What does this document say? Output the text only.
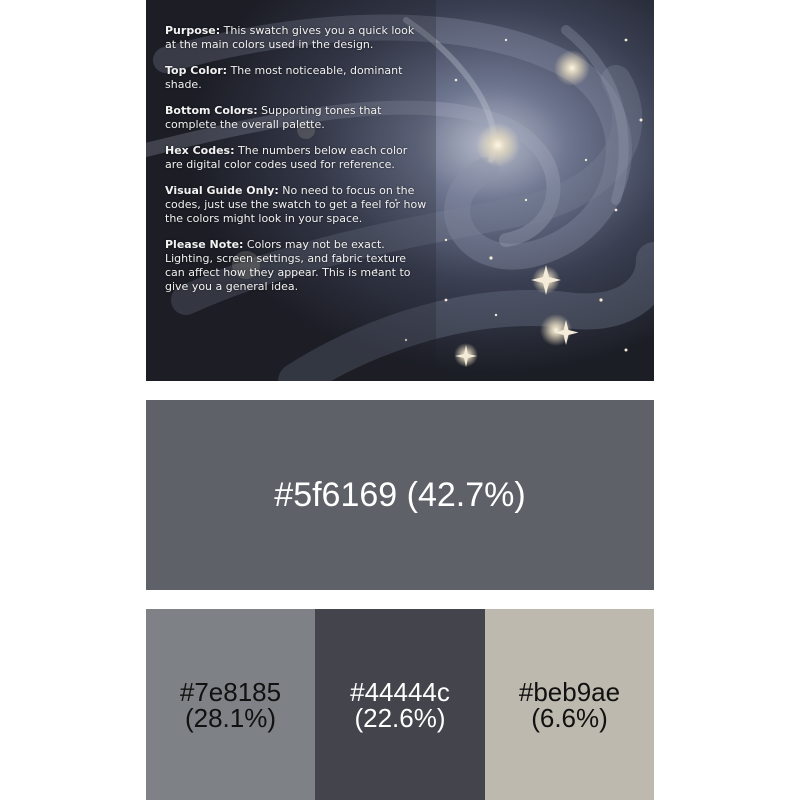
Purpose: This swatch gives you a quick look at the main colors used in the design.

Top Color: The most noticeable, dominant shade.

Bottom Colors: Supporting tones that complete the overall palette.

Hex Codes: The numbers below each color are digital color codes used for reference.

Visual Guide Only: No need to focus on the codes, just use the swatch to get a feel for how the colors might look in your space.

Please Note: Colors may not be exact. Lighting, screen settings, and fabric texture can affect how they appear. This is meant to give you a general idea.

#5f6169 (42.7%)
#7e8185
(28.1%)
#44444c
(22.6%)
#beb9ae
(6.6%)
